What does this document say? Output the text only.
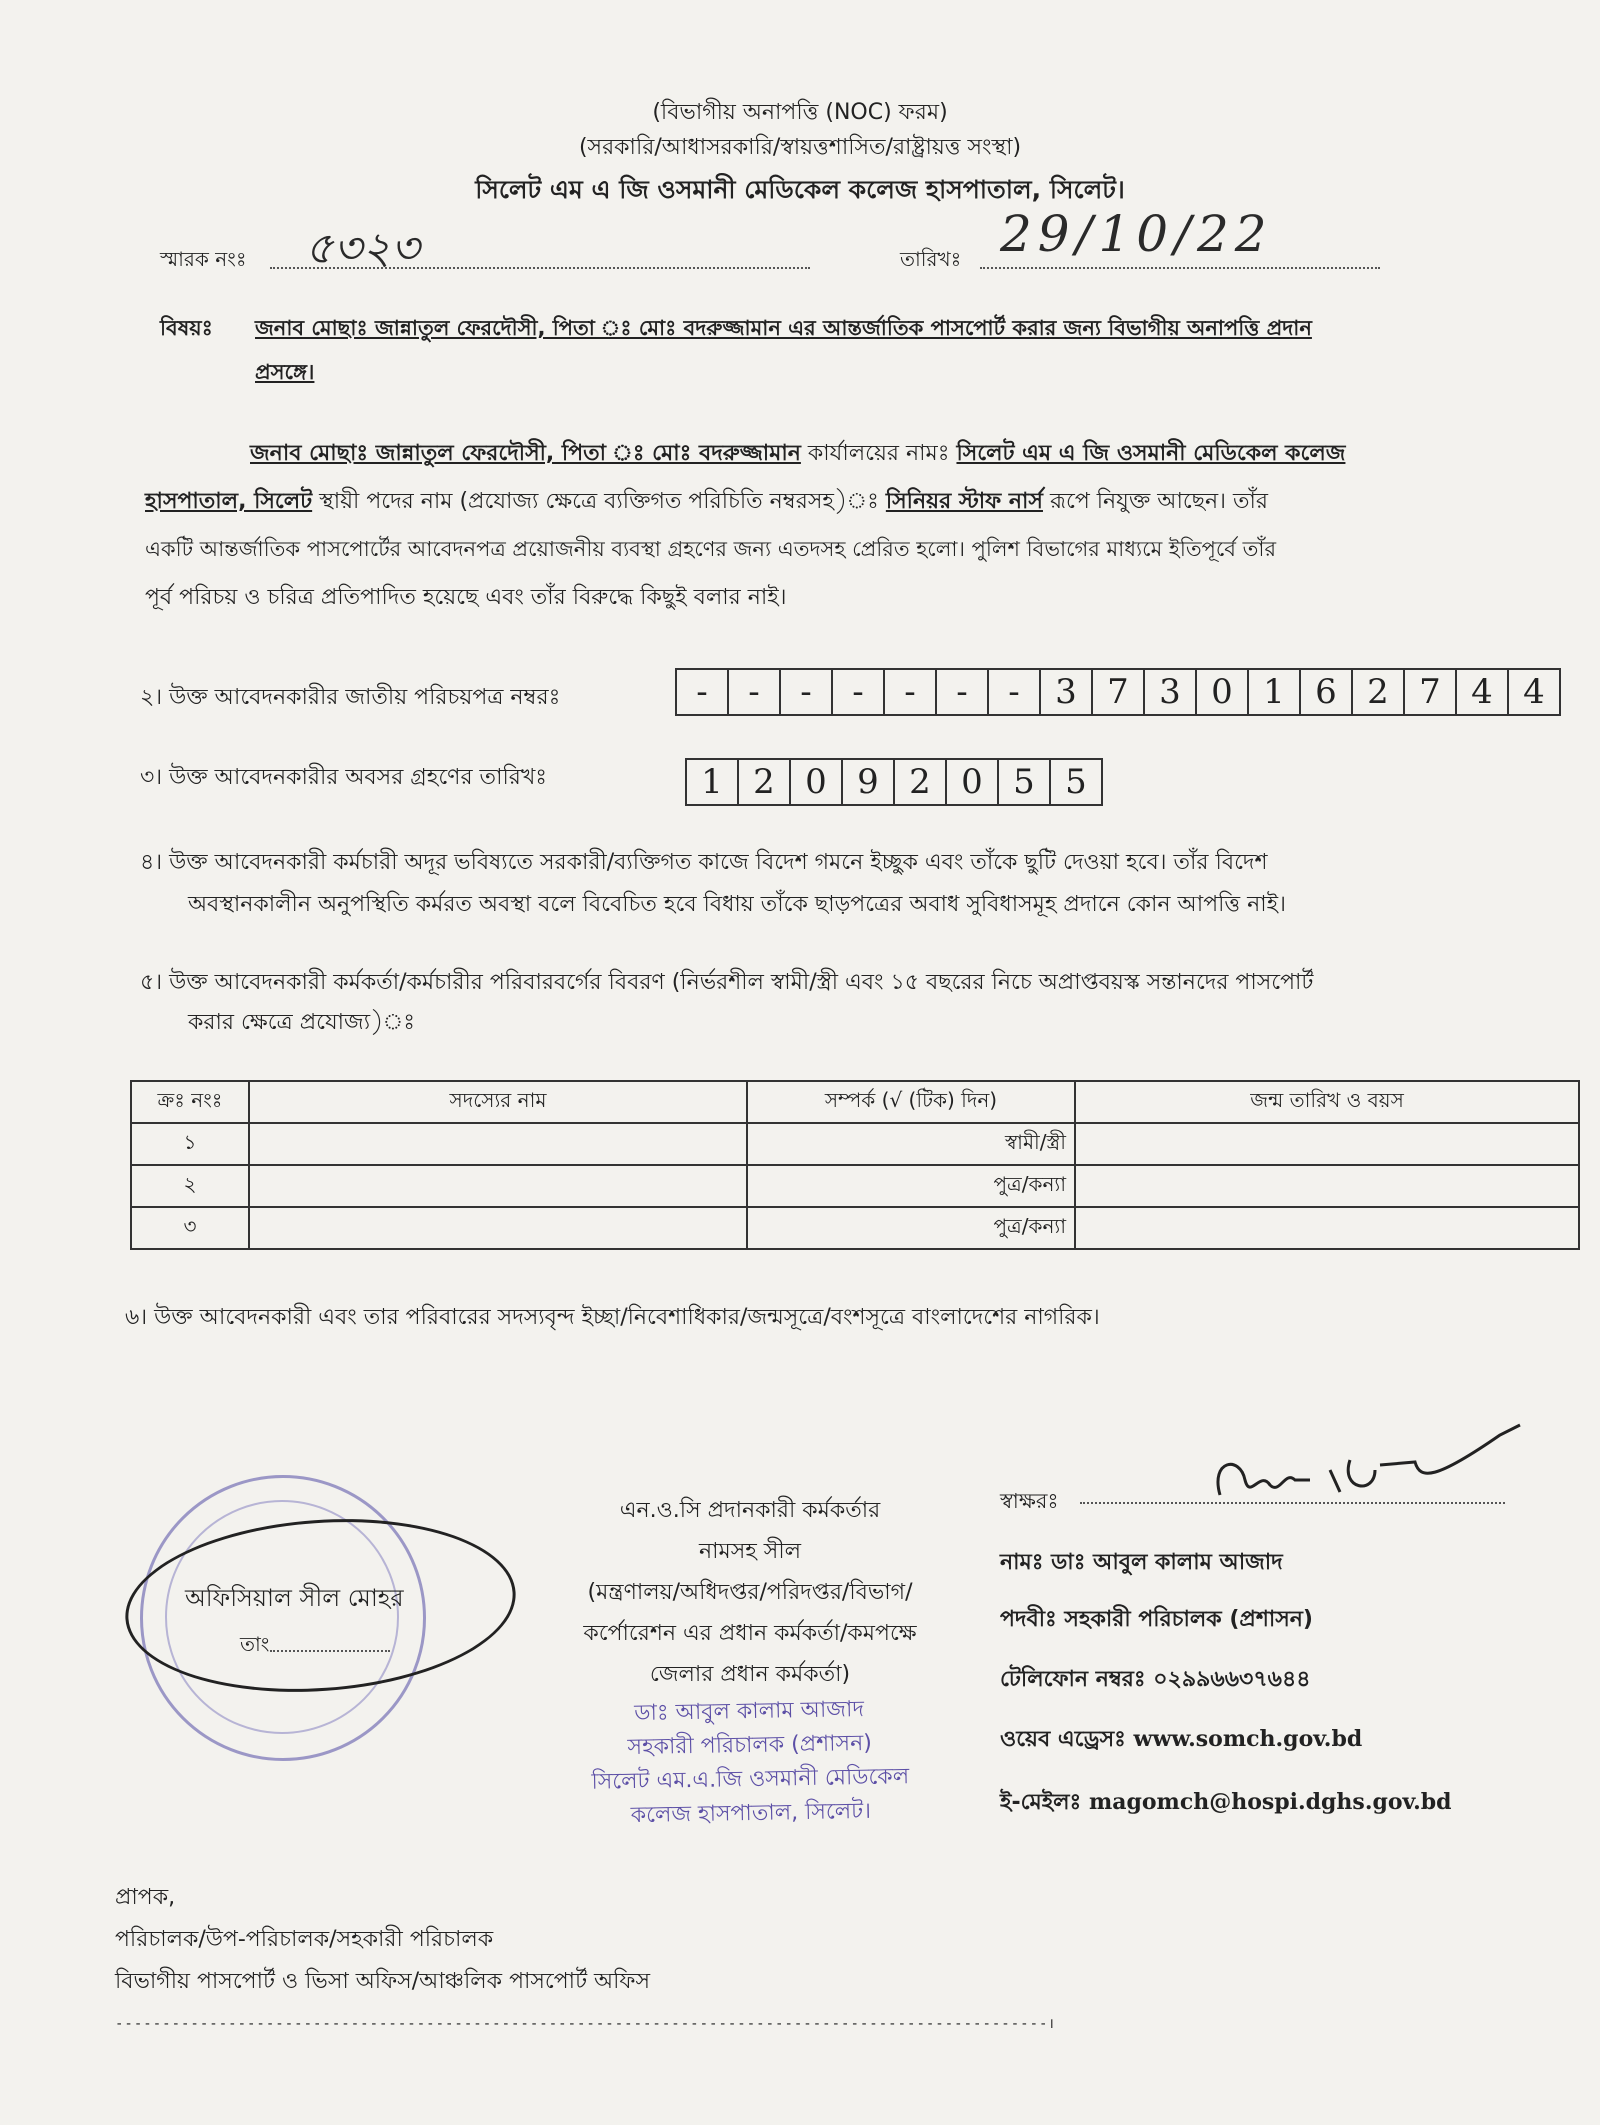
(বিভাগীয় অনাপত্তি (NOC) ফরম)
(সরকারি/আধাসরকারি/স্বায়ত্তশাসিত/রাষ্ট্রায়ত্ত সংস্থা)
সিলেট এম এ জি ওসমানী মেডিকেল কলেজ হাসপাতাল, সিলেট।
স্মারক নংঃ ৫৩২৩	তারিখঃ 29/10/22
বিষয়ঃ জনাব মোছাঃ জান্নাতুল ফেরদৌসী, পিতা ঃ মোঃ বদরুজ্জামান এর আন্তর্জাতিক পাসপোর্ট করার জন্য বিভাগীয় অনাপত্তি প্রদান
প্রসঙ্গে।
জনাব মোছাঃ জান্নাতুল ফেরদৌসী, পিতা ঃ মোঃ বদরুজ্জামান কার্যালয়ের নামঃ সিলেট এম এ জি ওসমানী মেডিকেল কলেজ
হাসপাতাল, সিলেট স্থায়ী পদের নাম (প্রযোজ্য ক্ষেত্রে ব্যক্তিগত পরিচিতি নম্বরসহ)ঃ সিনিয়র স্টাফ নার্স রূপে নিযুক্ত আছেন। তাঁর
একটি আন্তর্জাতিক পাসপোর্টের আবেদনপত্র প্রয়োজনীয় ব্যবস্থা গ্রহণের জন্য এতদসহ প্রেরিত হলো। পুলিশ বিভাগের মাধ্যমে ইতিপূর্বে তাঁর
পূর্ব পরিচয় ও চরিত্র প্রতিপাদিত হয়েছে এবং তাঁর বিরুদ্ধে কিছুই বলার নাই।
২। উক্ত আবেদনকারীর জাতীয় পরিচয়পত্র নম্বরঃ	-	-	-	-	-	-	-	3 7 3 0 1 6 2 7 4 4
৩। উক্ত আবেদনকারীর অবসর গ্রহণের তারিখঃ	1 2 0 9 2 0 5 5
৪। উক্ত আবেদনকারী কর্মচারী অদূর ভবিষ্যতে সরকারী/ব্যক্তিগত কাজে বিদেশ গমনে ইচ্ছুক এবং তাঁকে ছুটি দেওয়া হবে। তাঁর বিদেশ
অবস্থানকালীন অনুপস্থিতি কর্মরত অবস্থা বলে বিবেচিত হবে বিধায় তাঁকে ছাড়পত্রের অবাধ সুবিধাসমূহ প্রদানে কোন আপত্তি নাই।
৫। উক্ত আবেদনকারী কর্মকর্তা/কর্মচারীর পরিবারবর্গের বিবরণ (নির্ভরশীল স্বামী/স্ত্রী এবং ১৫ বছরের নিচে অপ্রাপ্তবয়স্ক সন্তানদের পাসপোর্ট
করার ক্ষেত্রে প্রযোজ্য)ঃ
ক্রঃ নংঃ	সদস্যের নাম	সম্পর্ক (√ (টিক) দিন)	জন্ম তারিখ ও বয়স
১		স্বামী/স্ত্রী	
২		পুত্র/কন্যা	
৩		পুত্র/কন্যা	
৬। উক্ত আবেদনকারী এবং তার পরিবারের সদস্যবৃন্দ ইচ্ছা/নিবেশাধিকার/জন্মসূত্রে/বংশসূত্রে বাংলাদেশের নাগরিক।
অফিসিয়াল সীল মোহর
তাং
এন.ও.সি প্রদানকারী কর্মকর্তার
নামসহ সীল
(মন্ত্রণালয়/অধিদপ্তর/পরিদপ্তর/বিভাগ/
কর্পোরেশন এর প্রধান কর্মকর্তা/কমপক্ষে
জেলার প্রধান কর্মকর্তা)
ডাঃ আবুল কালাম আজাদ
সহকারী পরিচালক (প্রশাসন)
সিলেট এম.এ.জি ওসমানী মেডিকেল
কলেজ হাসপাতাল, সিলেট।
স্বাক্ষরঃ
নামঃ ডাঃ আবুল কালাম আজাদ
পদবীঃ সহকারী পরিচালক (প্রশাসন)
টেলিফোন নম্বরঃ ০২৯৯৬৬৩৭৬৪৪
ওয়েব এড্রেসঃ www.somch.gov.bd
ই-মেইলঃ magomch@hospi.dghs.gov.bd
প্রাপক,
পরিচালক/উপ-পরিচালক/সহকারী পরিচালক
বিভাগীয় পাসপোর্ট ও ভিসা অফিস/আঞ্চলিক পাসপোর্ট অফিস
---------------------------------------------------------------------------------------------------।
